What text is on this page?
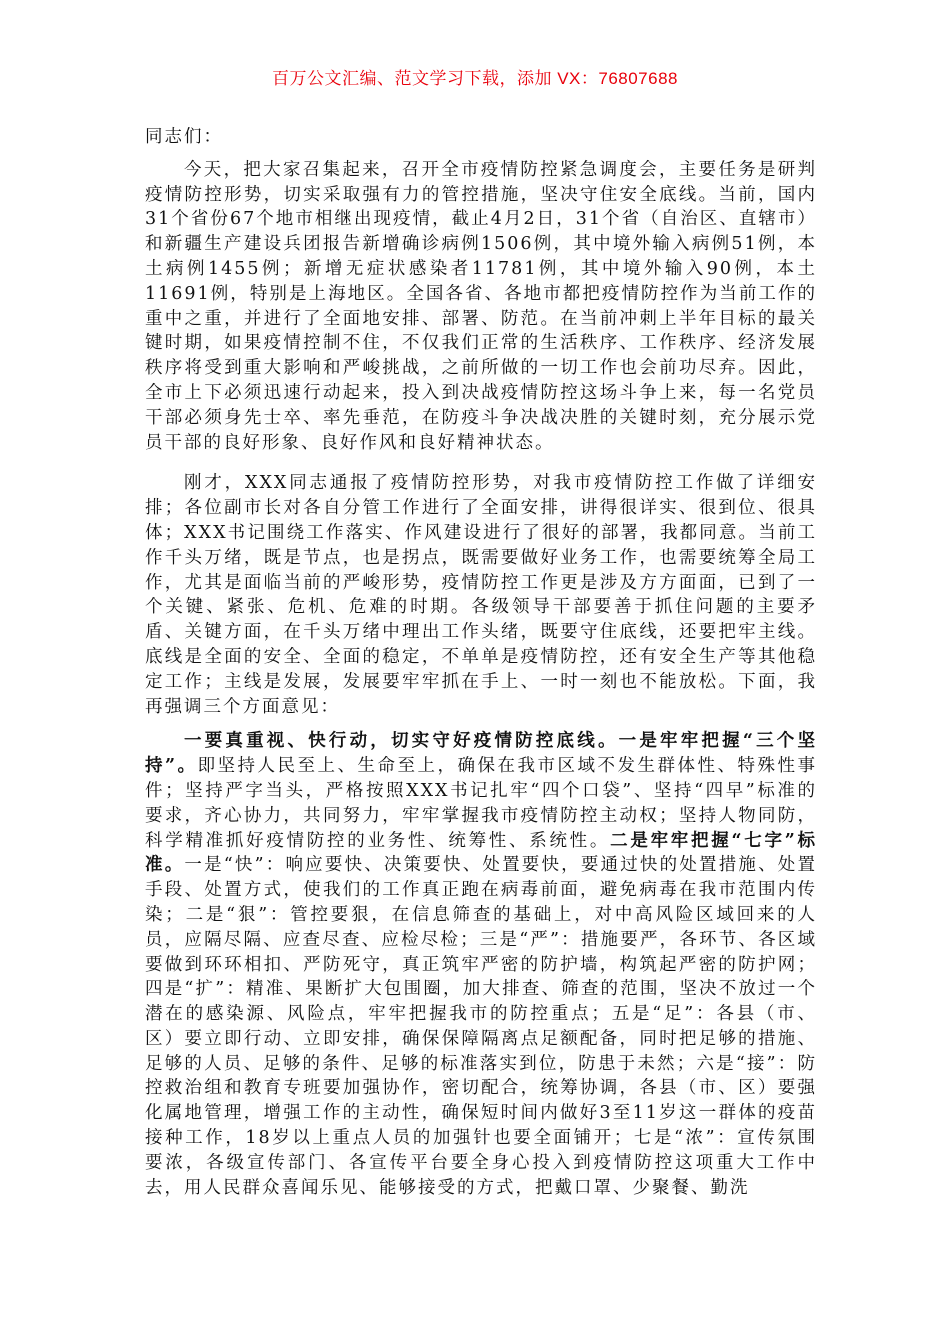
百万公文汇编、范文学习下载，添加 VX：76807688

同志们：

今天，把大家召集起来，召开全市疫情防控紧急调度会，主要任务是研判疫情防控形势，切实采取强有力的管控措施，坚决守住安全底线。当前，国内31个省份67个地市相继出现疫情，截止4月2日，31个省（自治区、直辖市）和新疆生产建设兵团报告新增确诊病例1506例，其中境外输入病例51例，本土病例1455例；新增无症状感染者11781例，其中境外输入90例，本土11691例，特别是上海地区。全国各省、各地市都把疫情防控作为当前工作的重中之重，并进行了全面地安排、部署、防范。在当前冲刺上半年目标的最关键时期，如果疫情控制不住，不仅我们正常的生活秩序、工作秩序、经济发展秩序将受到重大影响和严峻挑战，之前所做的一切工作也会前功尽弃。因此，全市上下必须迅速行动起来，投入到决战疫情防控这场斗争上来，每一名党员干部必须身先士卒、率先垂范，在防疫斗争决战决胜的关键时刻，充分展示党员干部的良好形象、良好作风和良好精神状态。

刚才，XXX同志通报了疫情防控形势，对我市疫情防控工作做了详细安排；各位副市长对各自分管工作进行了全面安排，讲得很详实、很到位、很具体；XXX书记围绕工作落实、作风建设进行了很好的部署，我都同意。当前工作千头万绪，既是节点，也是拐点，既需要做好业务工作，也需要统筹全局工作，尤其是面临当前的严峻形势，疫情防控工作更是涉及方方面面，已到了一个关键、紧张、危机、危难的时期。各级领导干部要善于抓住问题的主要矛盾、关键方面，在千头万绪中理出工作头绪，既要守住底线，还要把牢主线。底线是全面的安全、全面的稳定，不单单是疫情防控，还有安全生产等其他稳定工作；主线是发展，发展要牢牢抓在手上、一时一刻也不能放松。下面，我再强调三个方面意见：

一要真重视、快行动，切实守好疫情防控底线。一是牢牢把握“三个坚持”。即坚持人民至上、生命至上，确保在我市区域不发生群体性、特殊性事件；坚持严字当头，严格按照XXX书记扎牢“四个口袋”、坚持“四早”标准的要求，齐心协力，共同努力，牢牢掌握我市疫情防控主动权；坚持人物同防，科学精准抓好疫情防控的业务性、统筹性、系统性。二是牢牢把握“七字”标准。一是“快”：响应要快、决策要快、处置要快，要通过快的处置措施、处置手段、处置方式，使我们的工作真正跑在病毒前面，避免病毒在我市范围内传染；二是“狠”：管控要狠，在信息筛查的基础上，对中高风险区域回来的人员，应隔尽隔、应查尽查、应检尽检；三是“严”：措施要严，各环节、各区域要做到环环相扣、严防死守，真正筑牢严密的防护墙，构筑起严密的防护网；四是“扩”：精准、果断扩大包围圈，加大排查、筛查的范围，坚决不放过一个潜在的感染源、风险点，牢牢把握我市的防控重点；五是“足”：各县（市、区）要立即行动、立即安排，确保保障隔离点足额配备，同时把足够的措施、足够的人员、足够的条件、足够的标准落实到位，防患于未然；六是“接”：防控救治组和教育专班要加强协作，密切配合，统筹协调，各县（市、区）要强化属地管理，增强工作的主动性，确保短时间内做好3至11岁这一群体的疫苗接种工作，18岁以上重点人员的加强针也要全面铺开；七是“浓”：宣传氛围要浓，各级宣传部门、各宣传平台要全身心投入到疫情防控这项重大工作中去，用人民群众喜闻乐见、能够接受的方式，把戴口罩、少聚餐、勤洗
